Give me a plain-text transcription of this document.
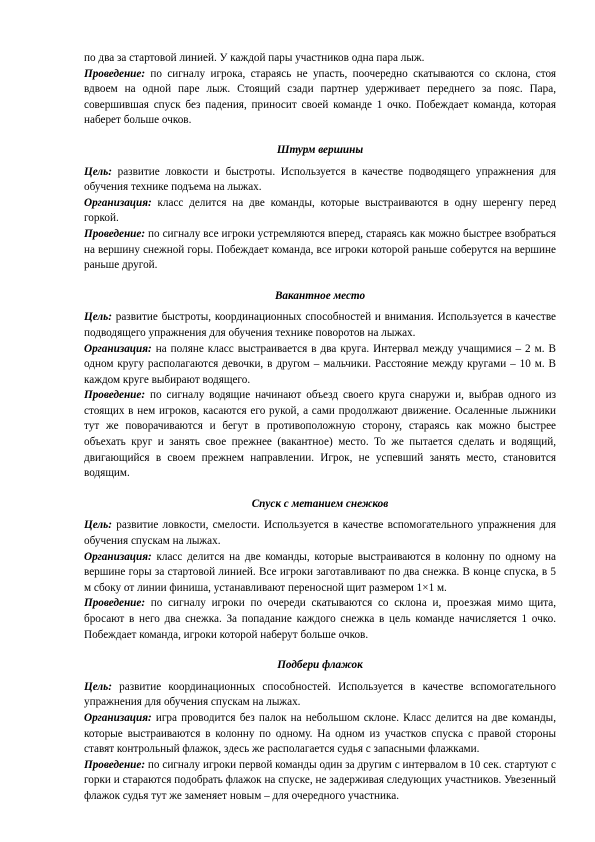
по два за стартовой линией. У каждой пары участников одна пара лыж.

Проведение: по сигналу игрока, стараясь не упасть, поочередно скатываются со склона, стоя вдвоем на одной паре лыж. Стоящий сзади партнер удерживает переднего за пояс. Пара, совершившая спуск без падения, приносит своей команде 1 очко. Побеждает команда, которая наберет больше очков.

Штурм вершины

Цель: развитие ловкости и быстроты. Используется в качестве подводящего упражнения для обучения технике подъема на лыжах.

Организация: класс делится на две команды, которые выстраиваются в одну шеренгу перед горкой.

Проведение: по сигналу все игроки устремляются вперед, стараясь как можно быстрее взобраться на вершину снежной горы. Побеждает команда, все игроки которой раньше соберутся на вершине раньше другой.

Вакантное место

Цель: развитие быстроты, координационных способностей и внимания. Используется в качестве подводящего упражнения для обучения технике поворотов на лыжах.

Организация: на поляне класс выстраивается в два круга. Интервал между учащимися – 2 м. В одном кругу располагаются девочки, в другом – мальчики. Расстояние между кругами – 10 м. В каждом круге выбирают водящего.

Проведение: по сигналу водящие начинают объезд своего круга снаружи и, выбрав одного из стоящих в нем игроков, касаются его рукой, а сами продолжают движение. Осаленные лыжники тут же поворачиваются и бегут в противоположную сторону, стараясь как можно быстрее объехать круг и занять свое прежнее (вакантное) место. То же пытается сделать и водящий, двигающийся в своем прежнем направлении. Игрок, не успевший занять место, становится водящим.

Спуск с метанием снежков

Цель: развитие ловкости, смелости. Используется в качестве вспомогательного упражнения для обучения спускам на лыжах.

Организация: класс делится на две команды, которые выстраиваются в колонну по одному на вершине горы за стартовой линией. Все игроки заготавливают по два снежка. В конце спуска, в 5 м сбоку от линии финиша, устанавливают переносной щит размером 1×1 м.

Проведение: по сигналу игроки по очереди скатываются со склона и, проезжая мимо щита, бросают в него два снежка. За попадание каждого снежка в цель команде начисляется 1 очко. Побеждает команда, игроки которой наберут больше очков.

Подбери флажок

Цель: развитие координационных способностей. Используется в качестве вспомогательного упражнения для обучения спускам на лыжах.

Организация: игра проводится без палок на небольшом склоне. Класс делится на две команды, которые выстраиваются в колонну по одному. На одном из участков спуска с правой стороны ставят контрольный флажок, здесь же располагается судья с запасными флажками.

Проведение: по сигналу игроки первой команды один за другим с интервалом в 10 сек. стартуют с горки и стараются подобрать флажок на спуске, не задерживая следующих участников. Увезенный флажок судья тут же заменяет новым – для очередного участника.
